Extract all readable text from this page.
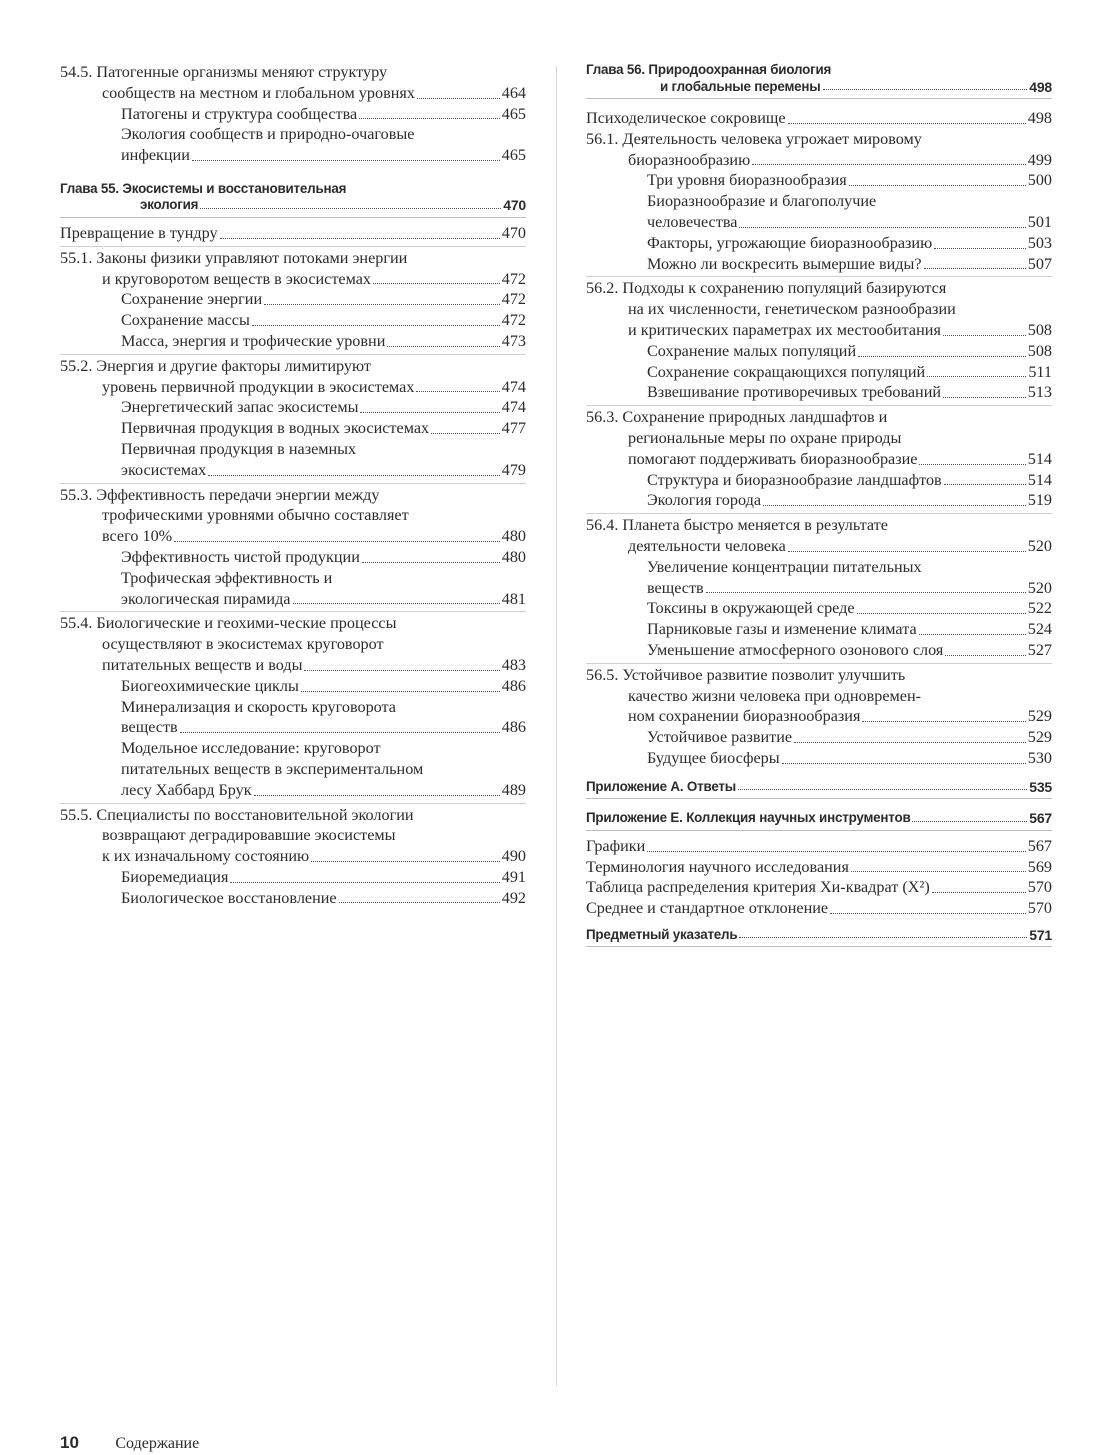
54.5. Патогенные организмы меняют структуру
сообществ на местном и глобальном уровнях	464
Патогены и структура сообщества	465
Экология сообществ и природно-очаговые
инфекции	465
Глава 55. Экосистемы и восстановительная
экология	470
Превращение в тундру	470
55.1. Законы физики управляют потоками энергии
и круговоротом веществ в экосистемах	472
Сохранение энергии	472
Сохранение массы	472
Масса, энергия и трофические уровни	473
55.2. Энергия и другие факторы лимитируют
уровень первичной продукции в экосистемах	474
Энергетический запас экосистемы	474
Первичная продукция в водных экосистемах	477
Первичная продукция в наземных
экосистемах	479
55.3. Эффективность передачи энергии между
трофическими уровнями обычно составляет
всего 10%	480
Эффективность чистой продукции	480
Трофическая эффективность и
экологическая пирамида	481
55.4. Биологические и геохими-ческие процессы
осуществляют в экосистемах круговорот
питательных веществ и воды	483
Биогеохимические циклы	486
Минерализация и скорость круговорота
веществ	486
Модельное исследование: круговорот
питательных веществ в экспериментальном
лесу Хаббард Брук	489
55.5. Специалисты по восстановительной экологии
возвращают деградировавшие экосистемы
к их изначальному состоянию	490
Биоремедиация	491
Биологическое восстановление	492
Глава 56. Природоохранная биология
и глобальные перемены	498
Психоделическое сокровище	498
56.1. Деятельность человека угрожает мировому
биоразнообразию	499
Три уровня биоразнообразия	500
Биоразнообразие и благополучие
человечества	501
Факторы, угрожающие биоразнообразию	503
Можно ли воскресить вымершие виды?	507
56.2. Подходы к сохранению популяций базируются
на их численности, генетическом разнообразии
и критических параметрах их местообитания	508
Сохранение малых популяций	508
Сохранение сокращающихся популяций	511
Взвешивание противоречивых требований	513
56.3. Сохранение природных ландшафтов и
региональные меры по охране природы
помогают поддерживать биоразнообразие	514
Структура и биоразнообразие ландшафтов	514
Экология города	519
56.4. Планета быстро меняется в результате
деятельности человека	520
Увеличение концентрации питательных
веществ	520
Токсины в окружающей среде	522
Парниковые газы и изменение климата	524
Уменьшение атмосферного озонового слоя	527
56.5. Устойчивое развитие позволит улучшить
качество жизни человека при одновремен-
ном сохранении биоразнообразия	529
Устойчивое развитие	529
Будущее биосферы	530
Приложение А. Ответы	535
Приложение Е. Коллекция научных инструментов	567
Графики	567
Терминология научного исследования	569
Таблица распределения критерия Хи-квадрат (Х²)	570
Среднее и стандартное отклонение	570
Предметный указатель	571
10 Содержание
